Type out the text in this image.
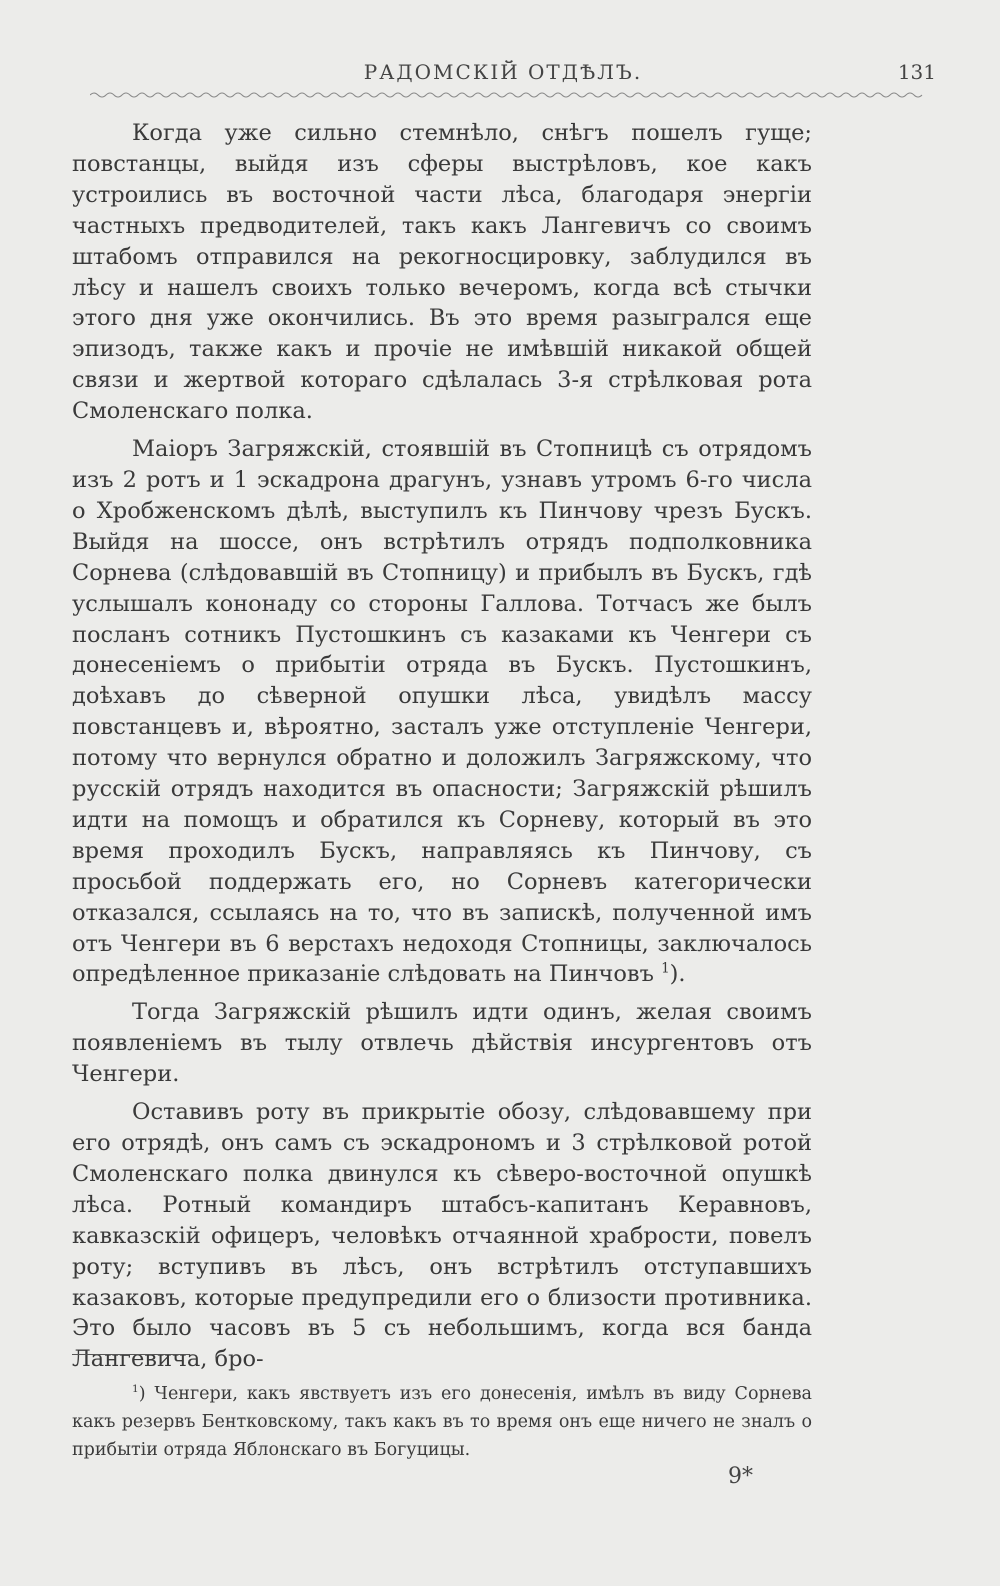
РАДОМСКIЙ ОТДѢЛЪ.	131

Когда уже сильно стемнѣло, снѣгъ пошелъ гуще; повстанцы, выйдя изъ сферы выстрѣловъ, кое какъ устроились въ восточной части лѣса, благодаря энергiи частныхъ предводителей, такъ какъ Лангевичъ со своимъ штабомъ отправился на рекогносцировку, заблудился въ лѣсу и нашелъ своихъ только вечеромъ, когда всѣ стычки этого дня уже окончились. Въ это время разыгрался еще эпизодъ, также какъ и прочiе не имѣвшiй никакой общей связи и жертвой котораго сдѣлалась 3-я стрѣлковая рота Смоленскаго полка.

Маiоръ Загряжскiй, стоявшiй въ Стопницѣ съ отрядомъ изъ 2 ротъ и 1 эскадрона драгунъ, узнавъ утромъ 6-го числа о Хробженскомъ дѣлѣ, выступилъ къ Пинчову чрезъ Бускъ. Выйдя на шоссе, онъ встрѣтилъ отрядъ подполковника Сорнева (слѣдовавшiй въ Стопницу) и прибылъ въ Бускъ, гдѣ услышалъ кононаду со стороны Галлова. Тотчасъ же былъ посланъ сотникъ Пустошкинъ съ казаками къ Ченгери съ донесенiемъ о прибытiи отряда въ Бускъ. Пустошкинъ, доѣхавъ до сѣверной опушки лѣса, увидѣлъ массу повстанцевъ и, вѣроятно, засталъ уже отступленiе Ченгери, потому что вернулся обратно и доложилъ Загряжскому, что русскiй отрядъ находится въ опасности; Загряжскiй рѣшилъ идти на помощъ и обратился къ Сорневу, который въ это время проходилъ Бускъ, направляясь къ Пинчову, съ просьбой поддержать его, но Сорневъ категорически отказался, ссылаясь на то, что въ запискѣ, полученной имъ отъ Ченгери въ 6 верстахъ недоходя Стопницы, заключалось опредѣленное приказанiе слѣдовать на Пинчовъ $^1$).

Тогда Загряжскiй рѣшилъ идти одинъ, желая своимъ появленiемъ въ тылу отвлечь дѣйствiя инсургентовъ отъ Ченгери.

Оставивъ роту въ прикрытiе обозу, слѣдовавшему при его отрядѣ, онъ самъ съ эскадрономъ и 3 стрѣлковой ротой Смоленскаго полка двинулся къ сѣверо-восточной опушкѣ лѣса. Ротный командиръ штабсъ-капитанъ Керавновъ, кавказскiй офицеръ, человѣкъ отчаянной храбрости, повелъ роту; вступивъ въ лѣсъ, онъ встрѣтилъ отступавшихъ казаковъ, которые предупредили его о близости противника. Это было часовъ въ 5 съ небольшимъ, когда вся банда Лангевича, бро-

$^1$) Ченгери, какъ явствуетъ изъ его донесенiя, имѣлъ въ виду Сорнева какъ резервъ Бентковскому, такъ какъ въ то время онъ еще ничего не зналъ о прибытiи отряда Яблонскаго въ Богуцицы.

9*
